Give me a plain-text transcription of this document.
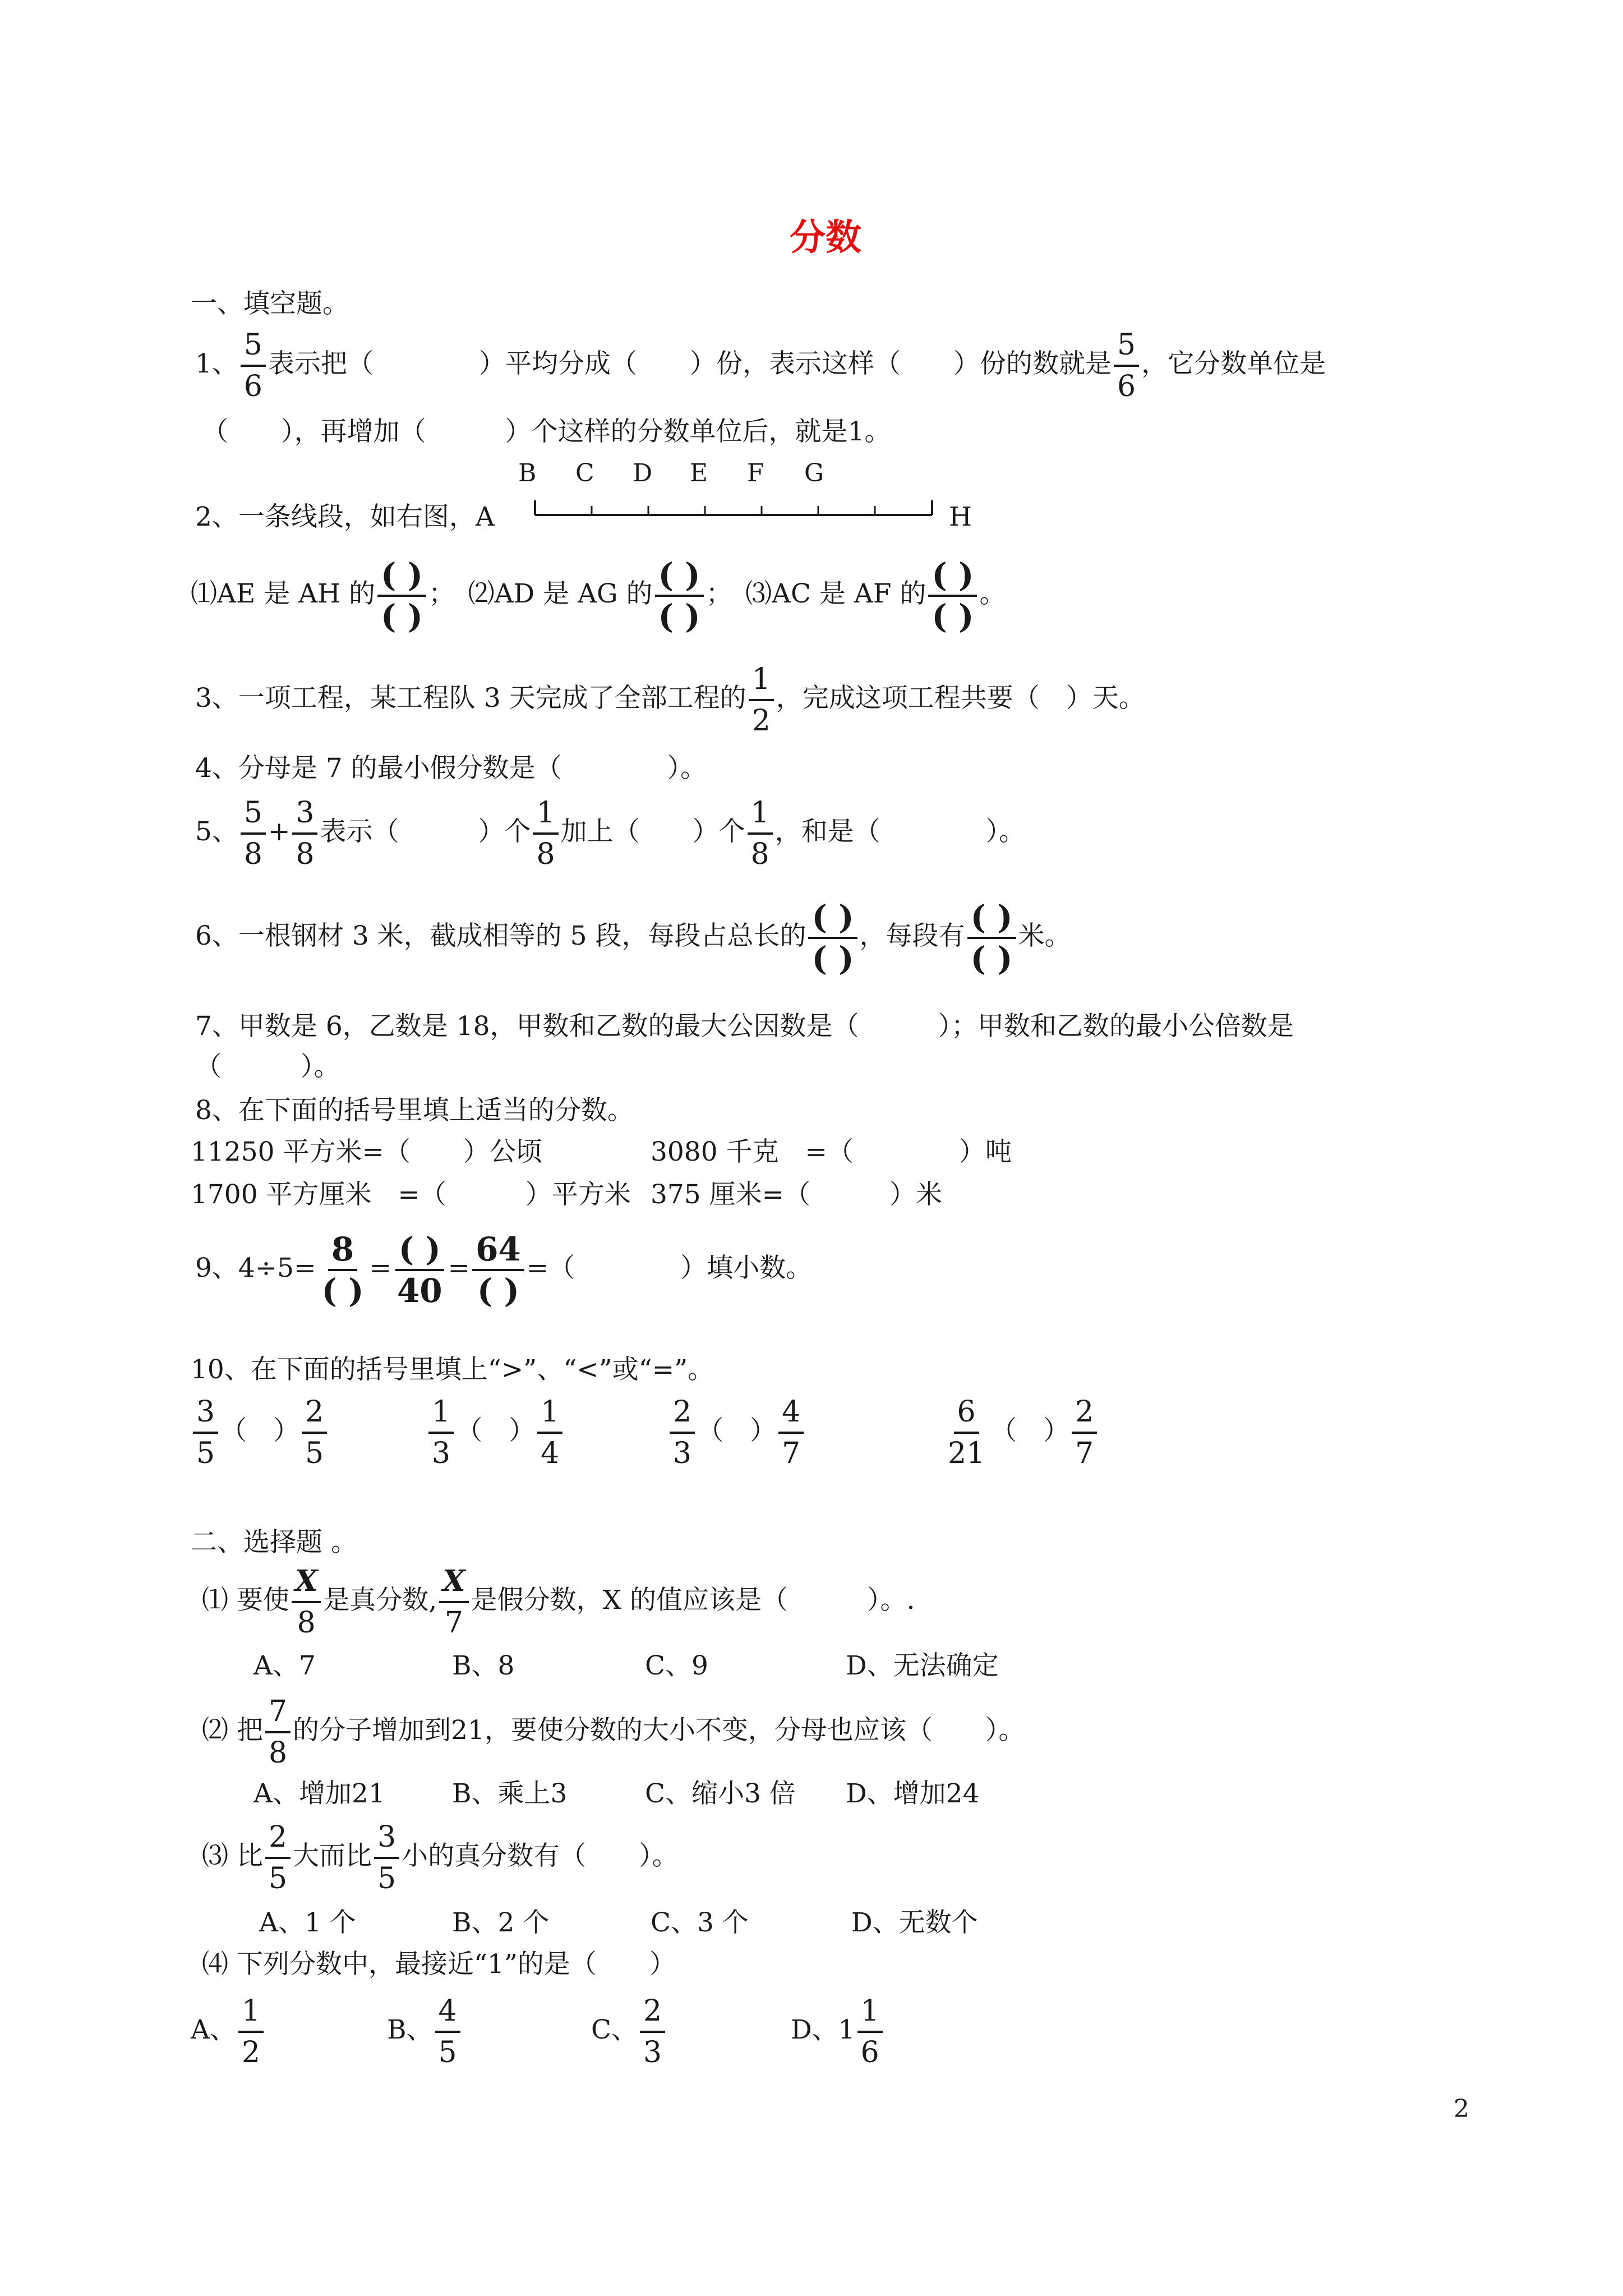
分数
一、填空题。
1、 $\frac{5}{6}$ 表示把（　　　　）平均分成（　　）份，表示这样（　　）份的数就是 $\frac{5}{6}$ ，它分数单位是
（　　），再增加（　　　）个这样的分数单位后，就是1。
B C D E F G
2、一条线段，如右图，A	H
⑴AE 是 AH 的 $\frac{( )}{( )}$ ；　⑵AD 是 AG 的 $\frac{( )}{( )}$ ；　⑶AC 是 AF 的 $\frac{( )}{( )}$ 。
3、一项工程，某工程队 3 天完成了全部工程的 $\frac{1}{2}$ ，完成这项工程共要（　）天。
4、分母是 7 的最小假分数是（　　　　）。
5、 $\frac{5}{8} + \frac{3}{8}$ 表示（　　　）个 $\frac{1}{8}$ 加上（　　）个 $\frac{1}{8}$ ，和是（　　　　）。
6、一根钢材 3 米，截成相等的 5 段，每段占总长的 $\frac{( )}{( )}$ ，每段有 $\frac{( )}{( )}$ 米。
7、甲数是 6，乙数是 18，甲数和乙数的最大公因数是（　　　）；甲数和乙数的最小公倍数是
（　　　）。
8、在下面的括号里填上适当的分数。
11250 平方米=（　　）公顷	3080 千克　=（　　　　）吨
1700 平方厘米　=（　　　）平方米 375 厘米=（　　　）米
9、$4\div 5= \frac{8}{( )} = \frac{( )}{40} = \frac{64}{( )}$ =（　　　　）填小数。
10、在下面的括号里填上“>”、“<”或“=”。
$\frac{3}{5}$ （　） $\frac{2}{5}$	$\frac{1}{3}$ （　） $\frac{1}{4}$	$\frac{2}{3}$ （　） $\frac{4}{7}$	$\frac{6}{21}$ （　） $\frac{2}{7}$
二、选择题 。
⑴ 要使 $\frac{X}{8}$ 是真分数, $\frac{X}{7}$ 是假分数，X 的值应该是（　　　）。.
A、7	B、8	C、9	D、无法确定
⑵ 把 $\frac{7}{8}$ 的分子增加到21，要使分数的大小不变，分母也应该（　　）。
A、增加21	B、乘上3	C、缩小3 倍 D、增加24
⑶ 比 $\frac{2}{5}$ 大而比 $\frac{3}{5}$ 小的真分数有（　　）。
A、1 个	B、2 个	C、3 个	D、无数个
⑷ 下列分数中，最接近“1”的是（　　）
A、 $\frac{1}{2}$	B、 $\frac{4}{5}$	C、 $\frac{2}{3}$	D、$1 \frac{1}{6}$
2
